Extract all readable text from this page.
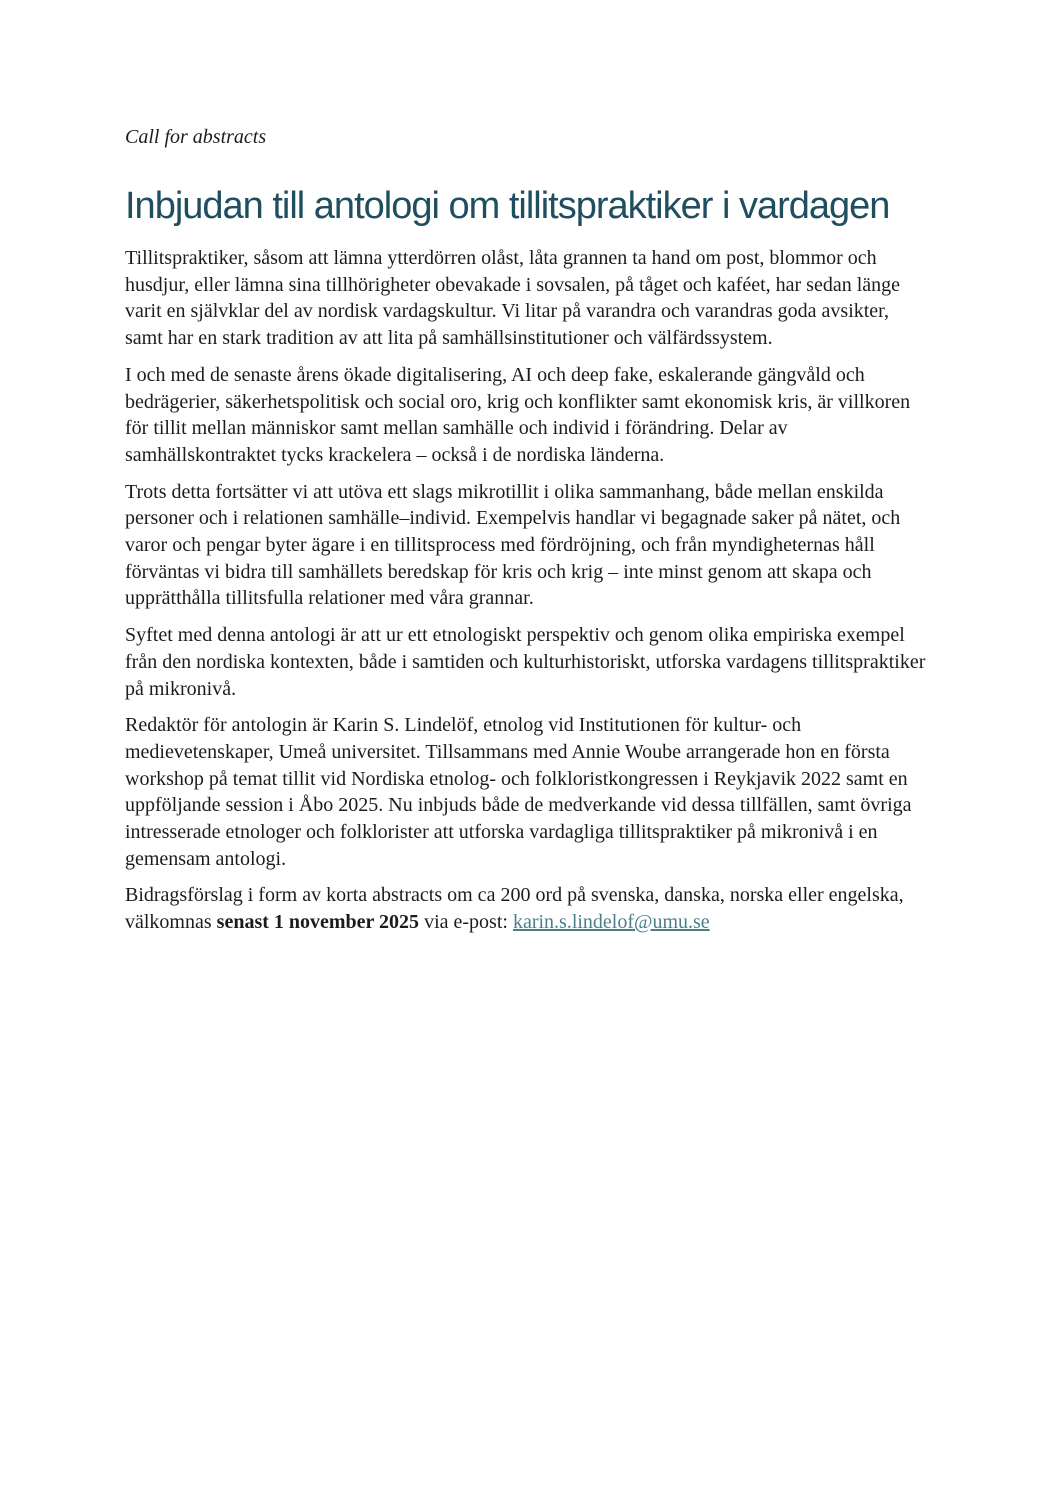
Call for abstracts

Inbjudan till antologi om tillitspraktiker i vardagen

Tillitspraktiker, såsom att lämna ytterdörren olåst, låta grannen ta hand om post, blommor och husdjur, eller lämna sina tillhörigheter obevakade i sovsalen, på tåget och kaféet, har sedan länge varit en självklar del av nordisk vardagskultur. Vi litar på varandra och varandras goda avsikter, samt har en stark tradition av att lita på samhällsinstitutioner och välfärdssystem.

I och med de senaste årens ökade digitalisering, AI och deep fake, eskalerande gängvåld och bedrägerier, säkerhetspolitisk och social oro, krig och konflikter samt ekonomisk kris, är villkoren för tillit mellan människor samt mellan samhälle och individ i förändring. Delar av samhällskontraktet tycks krackelera – också i de nordiska länderna.

Trots detta fortsätter vi att utöva ett slags mikrotillit i olika sammanhang, både mellan enskilda personer och i relationen samhälle–individ. Exempelvis handlar vi begagnade saker på nätet, och varor och pengar byter ägare i en tillitsprocess med fördröjning, och från myndigheternas håll förväntas vi bidra till samhällets beredskap för kris och krig – inte minst genom att skapa och upprätthålla tillitsfulla relationer med våra grannar.

Syftet med denna antologi är att ur ett etnologiskt perspektiv och genom olika empiriska exempel från den nordiska kontexten, både i samtiden och kulturhistoriskt, utforska vardagens tillitspraktiker på mikronivå.

Redaktör för antologin är Karin S. Lindelöf, etnolog vid Institutionen för kultur- och medievetenskaper, Umeå universitet. Tillsammans med Annie Woube arrangerade hon en första workshop på temat tillit vid Nordiska etnolog- och folkloristkongressen i Reykjavik 2022 samt en uppföljande session i Åbo 2025. Nu inbjuds både de medverkande vid dessa tillfällen, samt övriga intresserade etnologer och folklorister att utforska vardagliga tillitspraktiker på mikronivå i en gemensam antologi.

Bidragsförslag i form av korta abstracts om ca 200 ord på svenska, danska, norska eller engelska, välkomnas senast 1 november 2025 via e-post: karin.s.lindelof@umu.se
